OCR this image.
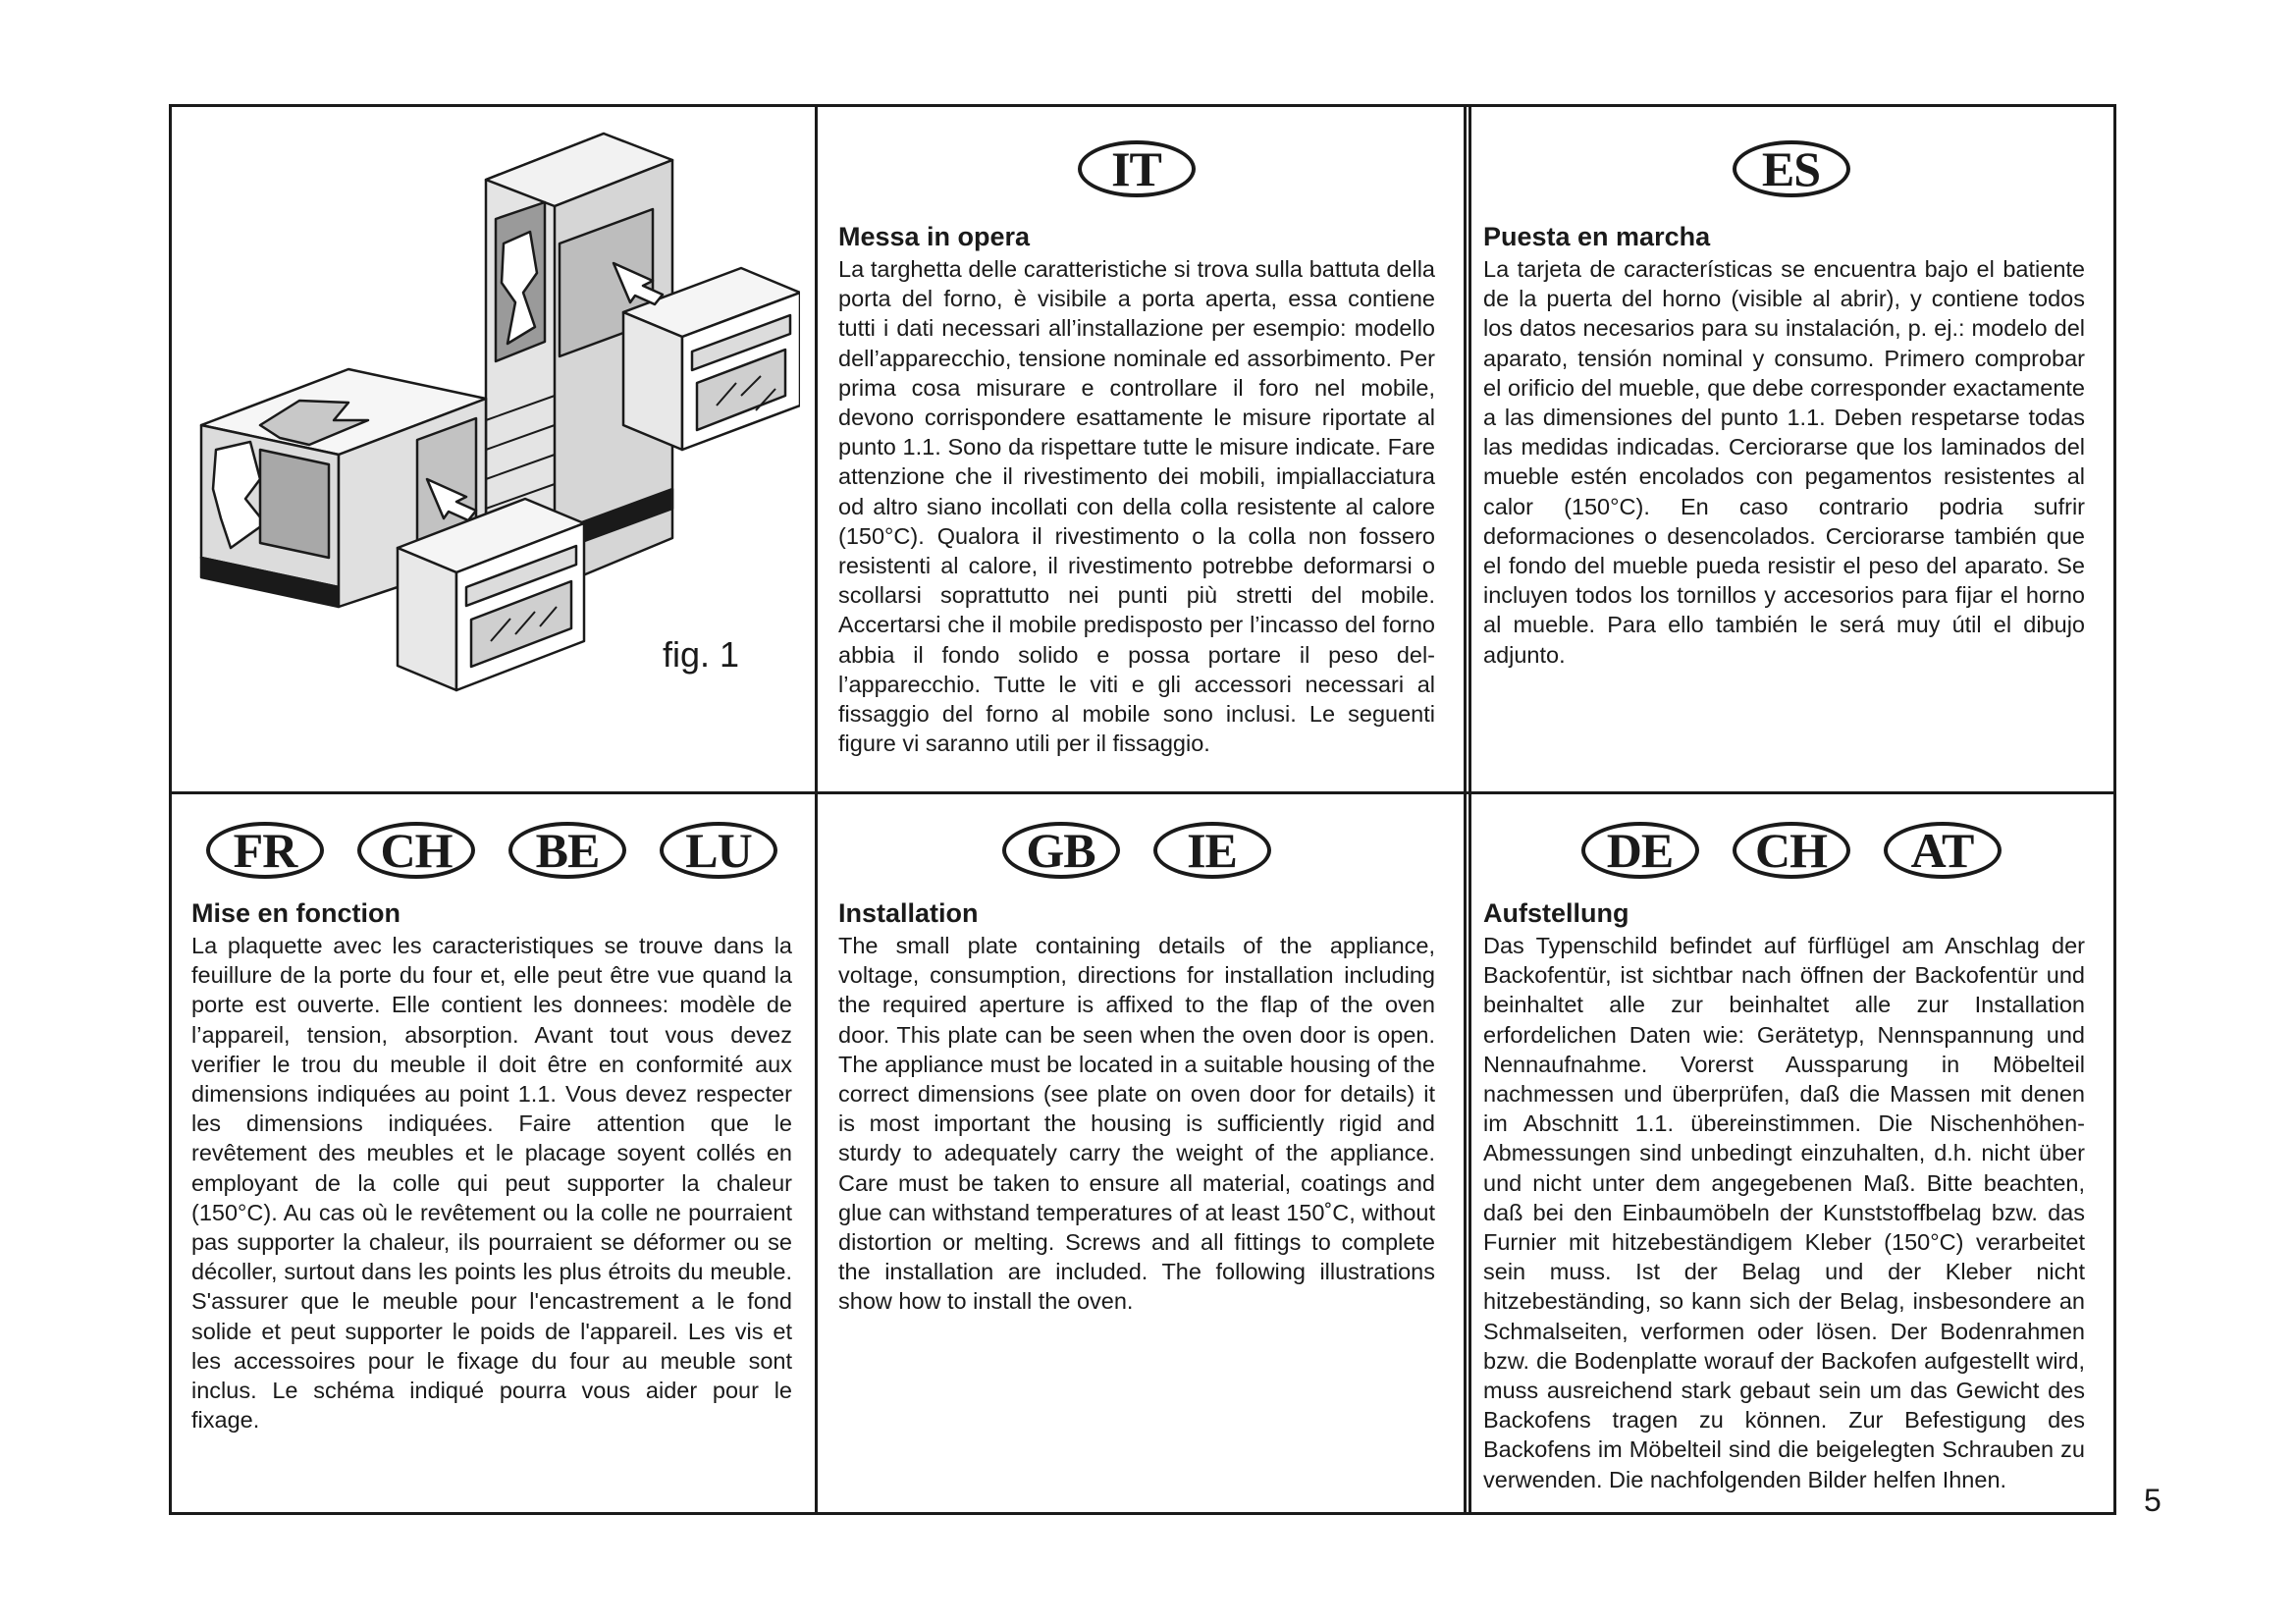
fig. 1
IT
Messa in opera

La targhetta delle caratteristiche si trova sulla battuta della porta del forno, è visibile a porta aperta, essa contiene tutti i dati necessari all’installazione per esempio: modello dell’apparecchio, tensione nominale ed assorbimento. Per prima cosa misurare e controllare il foro nel mobile, devono corrispondere esattamente le misure riportate al punto 1.1. Sono da rispettare tutte le misure indicate. Fare attenzione che il rivestimento dei mobili, impiallacciatura od altro siano incollati con della colla resistente al calore (150°C). Qualora il rivestimento o la colla non fossero resistenti al calore, il rivestimento potrebbe deformarsi o scollarsi soprattutto nei punti più stretti del mobile. Accertarsi che il mobile predisposto per l’incasso del forno abbia il fondo solido e possa portare il peso del- l’apparecchio. Tutte le viti e gli accessori necessari al fissaggio del forno al mobile sono inclusi. Le seguenti figure vi saranno utili per il fissaggio.

ES
Puesta en marcha

La tarjeta de características se encuentra bajo el batiente de la puerta del horno (visible al abrir), y contiene todos los datos necesarios para su instalación, p. ej.: modelo del aparato, tensión nominal y consumo. Primero comprobar el orificio del mueble, que debe corresponder exactamente a las dimensiones del punto 1.1. Deben respetarse todas las medidas indicadas. Cerciorarse que los laminados del mueble estén encolados con pegamentos resistentes al calor (150°C). En caso contrario podria sufrir deformaciones o desencolados. Cerciorarse también que el fondo del mueble pueda resistir el peso del aparato. Se incluyen todos los tornillos y accesorios para fijar el horno al mueble. Para ello también le será muy útil el dibujo adjunto.

FR	CH	BE	LU
Mise en fonction

La plaquette avec les caracteristiques se trouve dans la feuillure de la porte du four et, elle peut être vue quand la porte est ouverte. Elle contient les donnees: modèle de l’appareil, tension, absorption. Avant tout vous devez verifier le trou du meuble il doit être en conformité aux dimensions indiquées au point 1.1. Vous devez respecter les dimensions indiquées. Faire attention que le revêtement des meubles et le placage soyent collés en employant de la colle qui peut supporter la chaleur (150°C). Au cas où le revêtement ou la colle ne pourraient pas supporter la chaleur, ils pourraient se déformer ou se décoller, surtout dans les points les plus étroits du meuble. S'assurer que le meuble pour l'encastrement a le fond solide et peut supporter le poids de l'appareil. Les vis et les accessoires pour le fixage du four au meuble sont inclus. Le schéma indiqué pourra vous aider pour le fixage.

GB	IE
Installation

The small plate containing details of the appliance, voltage, consumption, directions for installation including the required aperture is affixed to the flap of the oven door. This plate can be seen when the oven door is open. The appliance must be located in a suitable housing of the correct dimensions (see plate on oven door for details) it is most important the housing is sufficiently rigid and sturdy to adequately carry the weight of the appliance. Care must be taken to ensure all material, coatings and glue can withstand temperatures of at least 150˚C, without distortion or melting. Screws and all fittings to complete the installation are included. The following illustrations show how to install the oven.

DE	CH	AT
Aufstellung

Das Typenschild befindet auf fürflügel am Anschlag der Backofentür, ist sichtbar nach öffnen der Backofentür und beinhaltet alle zur beinhaltet alle zur Installation erfordelichen Daten wie: Gerätetyp, Nennspannung und Nennaufnahme. Vorerst Aussparung in Möbelteil nachmessen und überprüfen, daß die Massen mit denen im Abschnitt 1.1. übereinstimmen. Die Nischenhöhen- Abmessungen sind unbedingt einzuhalten, d.h. nicht über und nicht unter dem angegebenen Maß. Bitte beachten, daß bei den Einbaumöbeln der Kunststoffbelag bzw. das Furnier mit hitzebeständigem Kleber (150°C) verarbeitet sein muss. Ist der Belag und der Kleber nicht hitzebeständing, so kann sich der Belag, insbesondere an Schmalseiten, verformen oder lösen. Der Bodenrahmen bzw. die Bodenplatte worauf der Backofen aufgestellt wird, muss ausreichend stark gebaut sein um das Gewicht des Backofens tragen zu können. Zur Befestigung des Backofens im Möbelteil sind die beigelegten Schrauben zu verwenden. Die nachfolgenden Bilder helfen Ihnen.

5
